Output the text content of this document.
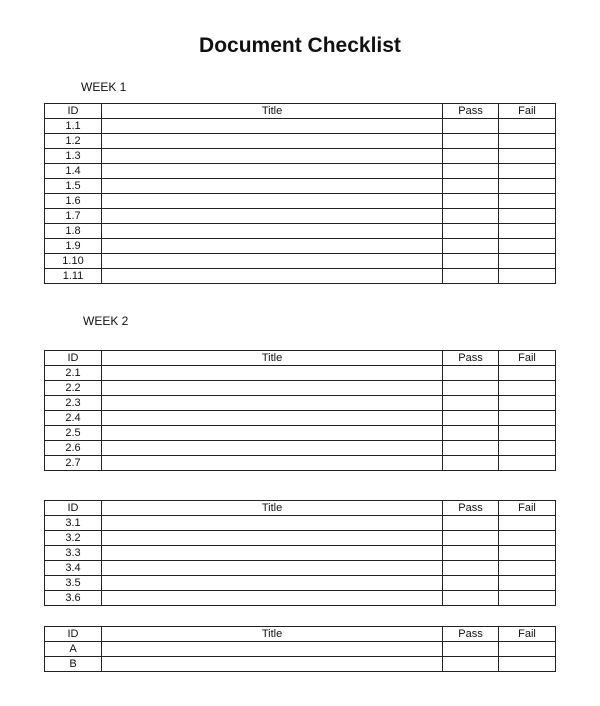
Document Checklist
WEEK 1
WEEK 2
ID	Title	Pass	Fail
1.1			
1.2			
1.3			
1.4			
1.5			
1.6			
1.7			
1.8			
1.9			
1.10			
1.11			
ID	Title	Pass	Fail
2.1			
2.2			
2.3			
2.4			
2.5			
2.6			
2.7			
ID	Title	Pass	Fail
3.1			
3.2			
3.3			
3.4			
3.5			
3.6			
ID	Title	Pass	Fail
A			
B			
